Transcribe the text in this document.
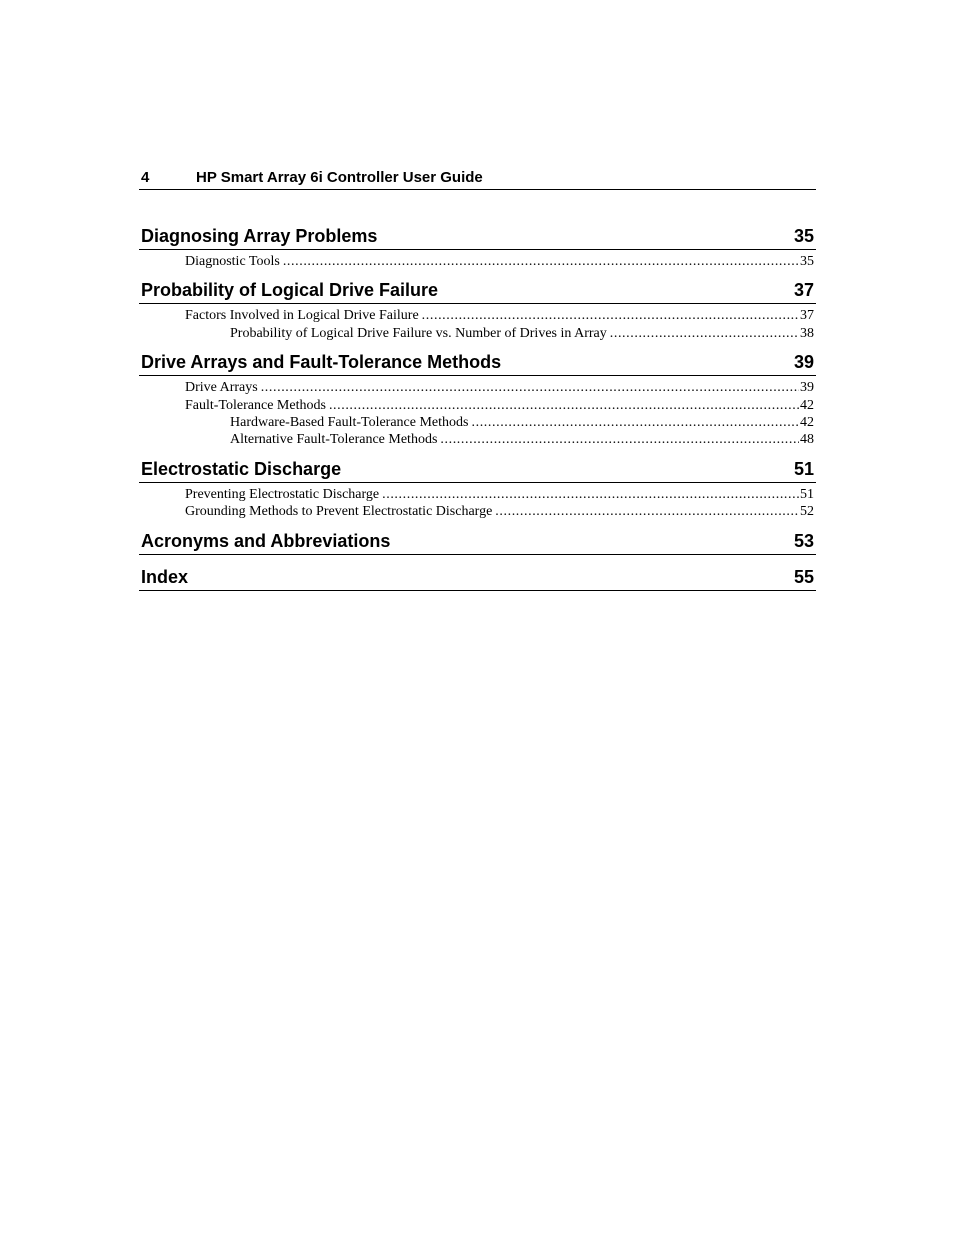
4	HP Smart Array 6i Controller User Guide
Diagnosing Array Problems	35
Diagnostic Tools .....	35
Probability of Logical Drive Failure	37
Factors Involved in Logical Drive Failure .....	37
Probability of Logical Drive Failure vs. Number of Drives in Array .....	38
Drive Arrays and Fault-Tolerance Methods	39
Drive Arrays .....	39
Fault-Tolerance Methods .....	42
Hardware-Based Fault-Tolerance Methods .....	42
Alternative Fault-Tolerance Methods .....	48
Electrostatic Discharge	51
Preventing Electrostatic Discharge .....	51
Grounding Methods to Prevent Electrostatic Discharge .....	52
Acronyms and Abbreviations	53
Index	55
